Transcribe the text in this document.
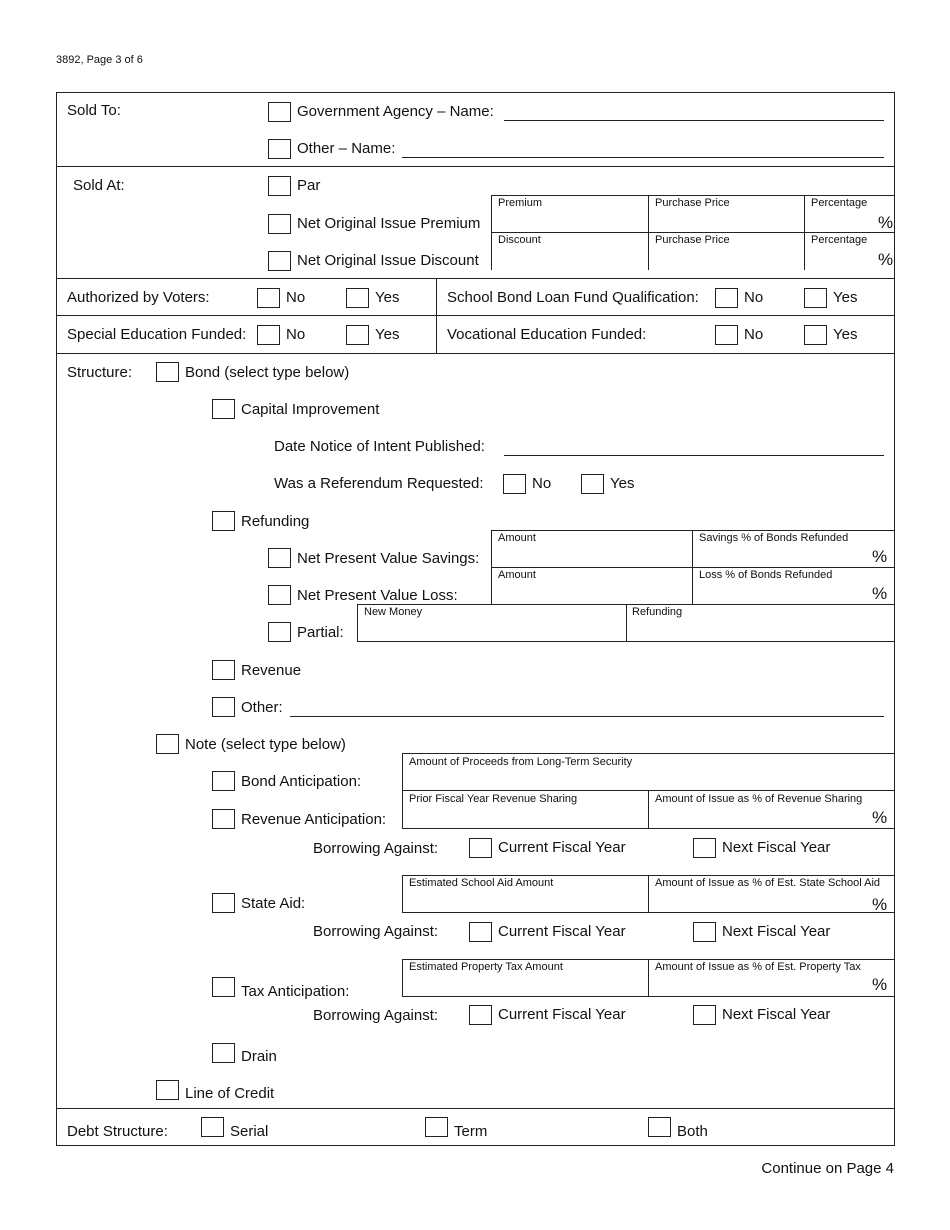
3892, Page 3 of 6
Sold To:	Government Agency – Name:
Other – Name:
Sold At:	Par
Net Original Issue Premium
Net Original Issue Discount
Premium	Purchase Price	Percentage
%
Discount	Purchase Price	Percentage
%
Authorized by Voters:	No	Yes	School Bond Loan Fund Qualification:	No	Yes
Special Education Funded:	No	Yes	Vocational Education Funded:	No	Yes
Structure:	Bond (select type below)
Capital Improvement
Date Notice of Intent Published:
Was a Referendum Requested:	No	Yes
Refunding
Net Present Value Savings:
Amount	Savings % of Bonds Refunded
%
Net Present Value Loss:
Amount	Loss % of Bonds Refunded
%
Partial:
New Money	Refunding
Revenue
Other:
Note (select type below)
Bond Anticipation:
Amount of Proceeds from Long-Term Security
Revenue Anticipation:
Prior Fiscal Year Revenue Sharing	Amount of Issue as % of Revenue Sharing
%
Borrowing Against:	Current Fiscal Year	Next Fiscal Year
State Aid:
Estimated School Aid Amount	Amount of Issue as % of Est. State School Aid
%
Borrowing Against:	Current Fiscal Year	Next Fiscal Year
Tax Anticipation:
Estimated Property Tax Amount	Amount of Issue as % of Est. Property Tax
%
Borrowing Against:	Current Fiscal Year	Next Fiscal Year
Drain
Line of Credit
Debt Structure:	Serial	Term	Both
Continue on Page 4
